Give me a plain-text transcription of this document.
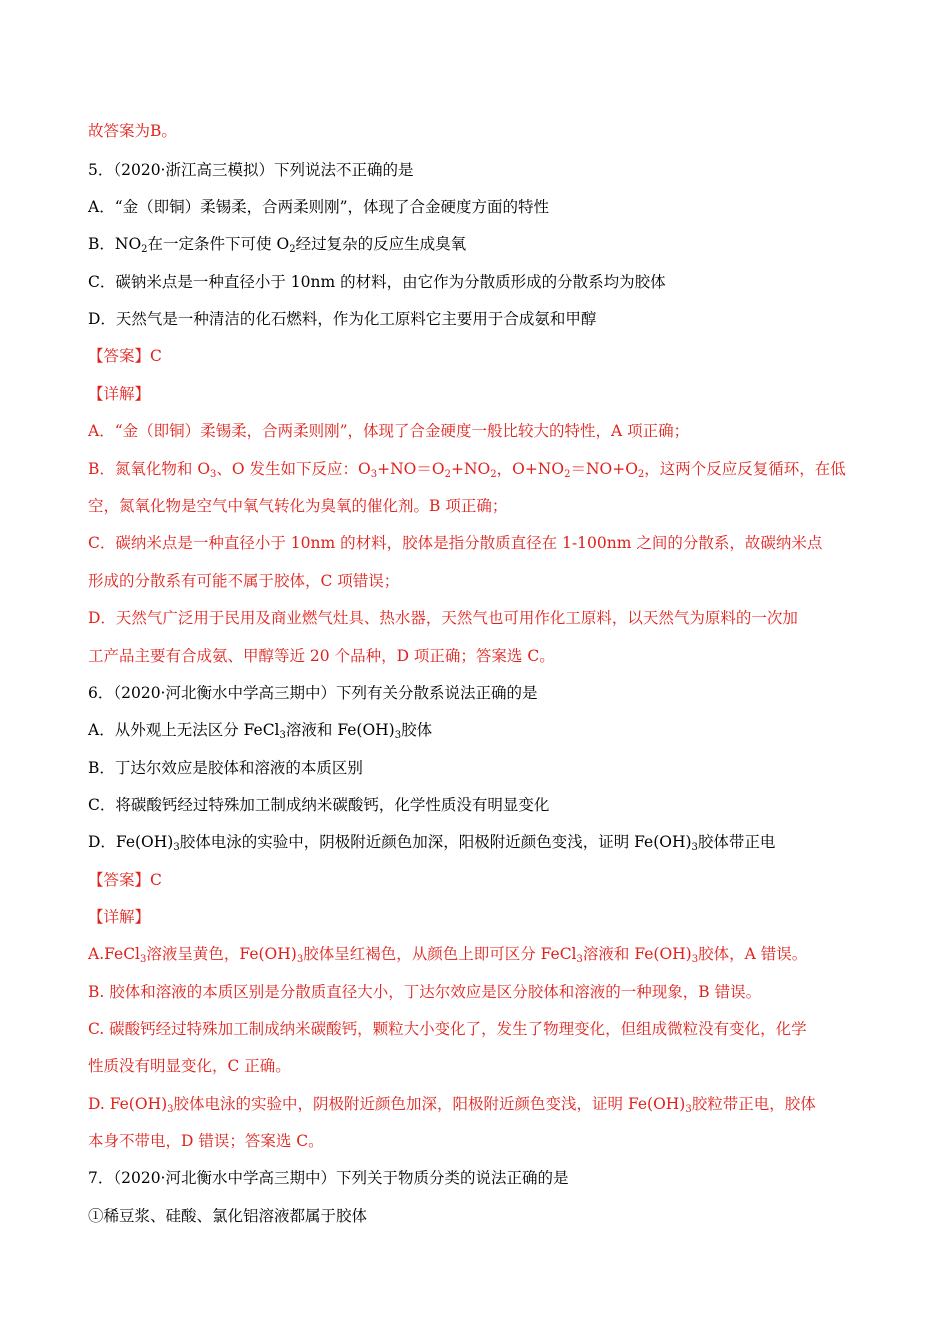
故答案为B。
5．（2020·浙江高三模拟）下列说法不正确的是
A．“金（即铜）柔锡柔，合两柔则刚”，体现了合金硬度方面的特性
B．$NO_2$在一定条件下可使 $O_2$经过复杂的反应生成臭氧
C．碳钠米点是一种直径小于 10nm 的材料，由它作为分散质形成的分散系均为胶体
D．天然气是一种清洁的化石燃料，作为化工原料它主要用于合成氨和甲醇
【答案】C
【详解】
A．“金（即铜）柔锡柔，合两柔则刚”，体现了合金硬度一般比较大的特性，A 项正确；
B．氮氧化物和 $O_3$、O 发生如下反应：$O_3+NO=O_2+NO_2$，$O+NO_2=NO+O_2$，这两个反应反复循环，在低
空，氮氧化物是空气中氧气转化为臭氧的催化剂。B 项正确；
C．碳纳米点是一种直径小于 10nm 的材料，胶体是指分散质直径在 1-100nm 之间的分散系，故碳纳米点
形成的分散系有可能不属于胶体，C 项错误；
D．天然气广泛用于民用及商业燃气灶具、热水器，天然气也可用作化工原料，以天然气为原料的一次加
工产品主要有合成氨、甲醇等近 20 个品种，D 项正确；答案选 C。
6．（2020·河北衡水中学高三期中）下列有关分散系说法正确的是
A．从外观上无法区分 FeCl$_3$溶液和 $Fe(OH)_3$胶体
B．丁达尔效应是胶体和溶液的本质区别
C．将碳酸钙经过特殊加工制成纳米碳酸钙，化学性质没有明显变化
D．$Fe(OH)_3$胶体电泳的实验中，阴极附近颜色加深，阳极附近颜色变浅，证明 $Fe(OH)_3$胶体带正电
【答案】C
【详解】
A.FeCl$_3$溶液呈黄色，$Fe(OH)_3$胶体呈红褐色，从颜色上即可区分 FeCl$_3$溶液和 $Fe(OH)_3$胶体，A 错误。
B. 胶体和溶液的本质区别是分散质直径大小，丁达尔效应是区分胶体和溶液的一种现象，B 错误。
C. 碳酸钙经过特殊加工制成纳米碳酸钙，颗粒大小变化了，发生了物理变化，但组成微粒没有变化，化学
性质没有明显变化，C 正确。
D. $Fe(OH)_3$胶体电泳的实验中，阴极附近颜色加深，阳极附近颜色变浅，证明 $Fe(OH)_3$胶粒带正电，胶体
本身不带电，D 错误；答案选 C。
7．（2020·河北衡水中学高三期中）下列关于物质分类的说法正确的是
①稀豆浆、硅酸、氯化铝溶液都属于胶体
